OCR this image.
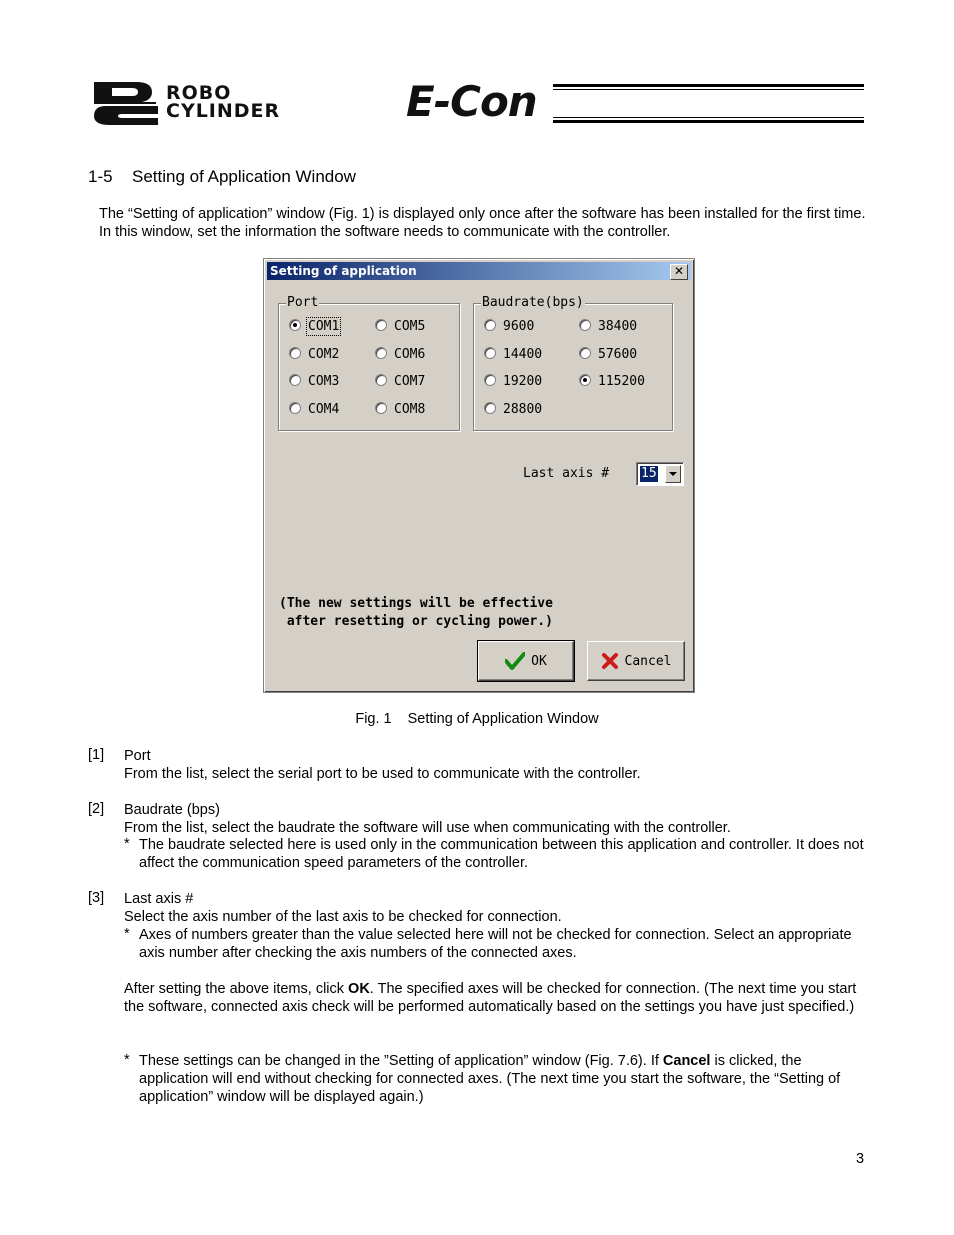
ROBO
CYLINDER	E-Con
1-5 Setting of Application Window
The “Setting of application” window (Fig. 1) is displayed only once after the software has been installed for the first time. In this window, set the information the software needs to communicate with the controller.
Setting of application	✕
Port
COM1
COM2
COM3
COM4
COM5
COM6
COM7
COM8
Baudrate(bps)
9600
14400
19200
28800
38400
57600
115200
Last axis # 15
(The new settings will be effective
after resetting or cycling power.)
OK	Cancel
Fig. 1 Setting of Application Window
[1] Port
From the list, select the serial port to be used to communicate with the controller.
[2] Baudrate (bps)
From the list, select the baudrate the software will use when communicating with the controller.
* The baudrate selected here is used only in the communication between this application and controller. It does not affect the communication speed parameters of the controller.
[3] Last axis #
Select the axis number of the last axis to be checked for connection.
* Axes of numbers greater than the value selected here will not be checked for connection. Select an appropriate axis number after checking the axis numbers of the connected axes.
After setting the above items, click OK. The specified axes will be checked for connection. (The next time you start the software, connected axis check will be performed automatically based on the settings you have just specified.)
* These settings can be changed in the ”Setting of application” window (Fig. 7.6). If Cancel is clicked, the application will end without checking for connected axes. (The next time you start the software, the “Setting of application” window will be displayed again.)
3
